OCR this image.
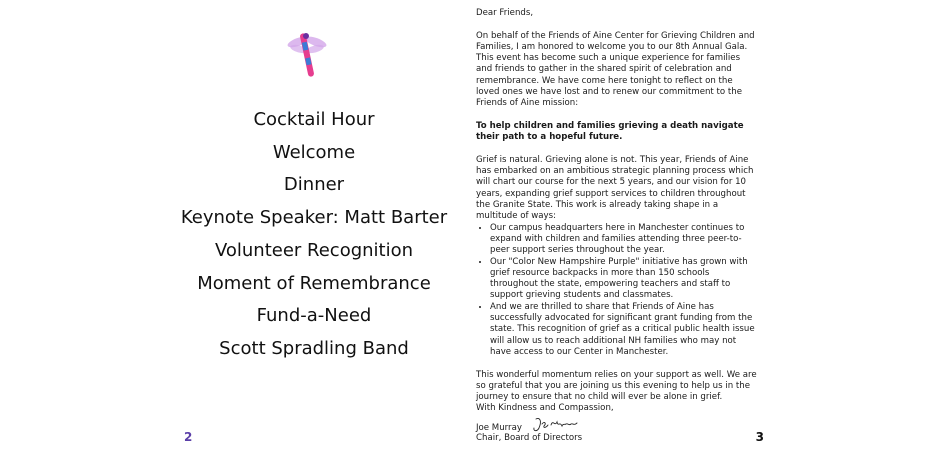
Cocktail Hour
Welcome
Dinner
Keynote Speaker: Matt Barter
Volunteer Recognition
Moment of Remembrance
Fund-a-Need
Scott Spradling Band
2

Dear Friends,

On behalf of the Friends of Aine Center for Grieving Children and Families, I am honored to welcome you to our 8th Annual Gala. This event has become such a unique experience for families and friends to gather in the shared spirit of celebration and remembrance. We have come here tonight to reflect on the loved ones we have lost and to renew our commitment to the Friends of Aine mission:

To help children and families grieving a death navigate their path to a hopeful future.

Grief is natural. Grieving alone is not. This year, Friends of Aine has embarked on an ambitious strategic planning process which will chart our course for the next 5 years, and our vision for 10 years, expanding grief support services to children throughout the Granite State. This work is already taking shape in a multitude of ways:

• Our campus headquarters here in Manchester continues to expand with children and families attending three peer-to-peer support series throughout the year.
• Our "Color New Hampshire Purple" initiative has grown with grief resource backpacks in more than 150 schools throughout the state, empowering teachers and staff to support grieving students and classmates.
• And we are thrilled to share that Friends of Aine has successfully advocated for significant grant funding from the state. This recognition of grief as a critical public health issue will allow us to reach additional NH families who may not have access to our Center in Manchester.

This wonderful momentum relies on your support as well. We are so grateful that you are joining us this evening to help us in the journey to ensure that no child will ever be alone in grief.

With Kindness and Compassion,

Joe Murray

Chair, Board of Directors	3
